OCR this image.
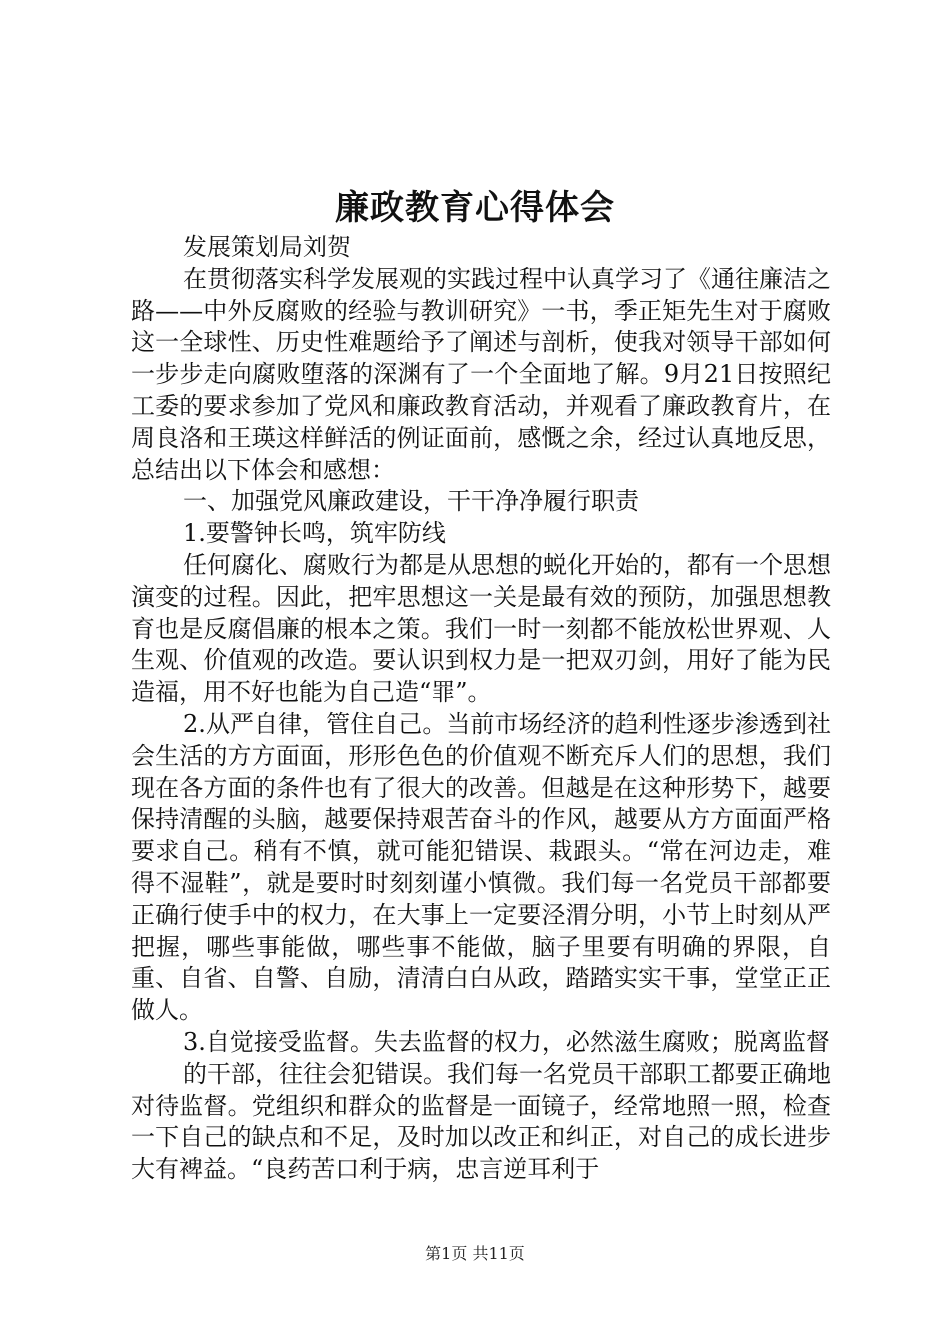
廉政教育心得体会

发展策划局刘贺

在贯彻落实科学发展观的实践过程中认真学习了《通往廉洁之路——中外反腐败的经验与教训研究》一书，季正矩先生对于腐败这一全球性、历史性难题给予了阐述与剖析，使我对领导干部如何一步步走向腐败堕落的深渊有了一个全面地了解。9月21日按照纪工委的要求参加了党风和廉政教育活动，并观看了廉政教育片，在周良洛和王瑛这样鲜活的例证面前，感慨之余，经过认真地反思，总结出以下体会和感想：

一、加强党风廉政建设，干干净净履行职责

1.要警钟长鸣，筑牢防线

任何腐化、腐败行为都是从思想的蜕化开始的，都有一个思想演变的过程。因此，把牢思想这一关是最有效的预防，加强思想教育也是反腐倡廉的根本之策。我们一时一刻都不能放松世界观、人生观、价值观的改造。要认识到权力是一把双刃剑，用好了能为民造福，用不好也能为自己造“罪”。

2.从严自律，管住自己。当前市场经济的趋利性逐步渗透到社会生活的方方面面，形形色色的价值观不断充斥人们的思想，我们现在各方面的条件也有了很大的改善。但越是在这种形势下，越要保持清醒的头脑，越要保持艰苦奋斗的作风，越要从方方面面严格要求自己。稍有不慎，就可能犯错误、栽跟头。“常在河边走，难得不湿鞋”，就是要时时刻刻谨小慎微。我们每一名党员干部都要正确行使手中的权力，在大事上一定要泾渭分明，小节上时刻从严把握，哪些事能做，哪些事不能做，脑子里要有明确的界限，自重、自省、自警、自励，清清白白从政，踏踏实实干事，堂堂正正做人。

3.自觉接受监督。失去监督的权力，必然滋生腐败；脱离监督

的干部，往往会犯错误。我们每一名党员干部职工都要正确地对待监督。党组织和群众的监督是一面镜子，经常地照一照，检查一下自己的缺点和不足，及时加以改正和纠正，对自己的成长进步大有裨益。“良药苦口利于病，忠言逆耳利于

第1页 共11页
